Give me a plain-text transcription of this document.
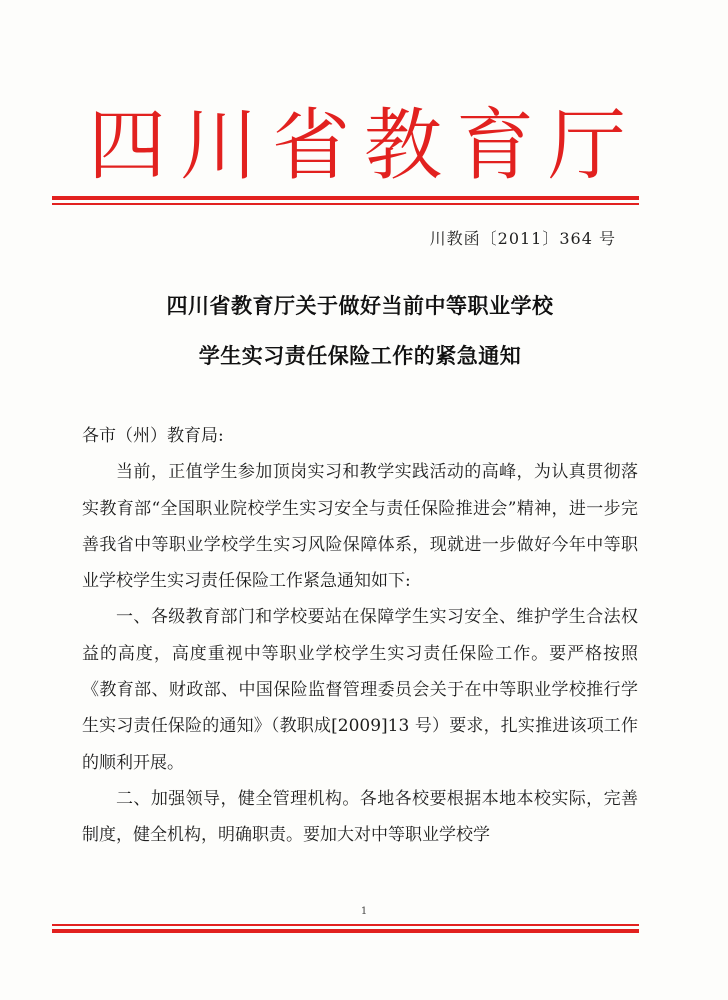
四川省教育厅
川教函〔2011〕364 号
四川省教育厅关于做好当前中等职业学校
学生实习责任保险工作的紧急通知

各市（州）教育局:

当前，正值学生参加顶岗实习和教学实践活动的高峰，为认真贯彻落实教育部“全国职业院校学生实习安全与责任保险推进会”精神，进一步完善我省中等职业学校学生实习风险保障体系，现就进一步做好今年中等职业学校学生实习责任保险工作紧急通知如下:

一、各级教育部门和学校要站在保障学生实习安全、维护学生合法权益的高度，高度重视中等职业学校学生实习责任保险工作。要严格按照《教育部、财政部、中国保险监督管理委员会关于在中等职业学校推行学生实习责任保险的通知》（教职成[2009]13 号）要求，扎实推进该项工作的顺利开展。

二、加强领导，健全管理机构。各地各校要根据本地本校实际，完善制度，健全机构，明确职责。要加大对中等职业学校学

1
